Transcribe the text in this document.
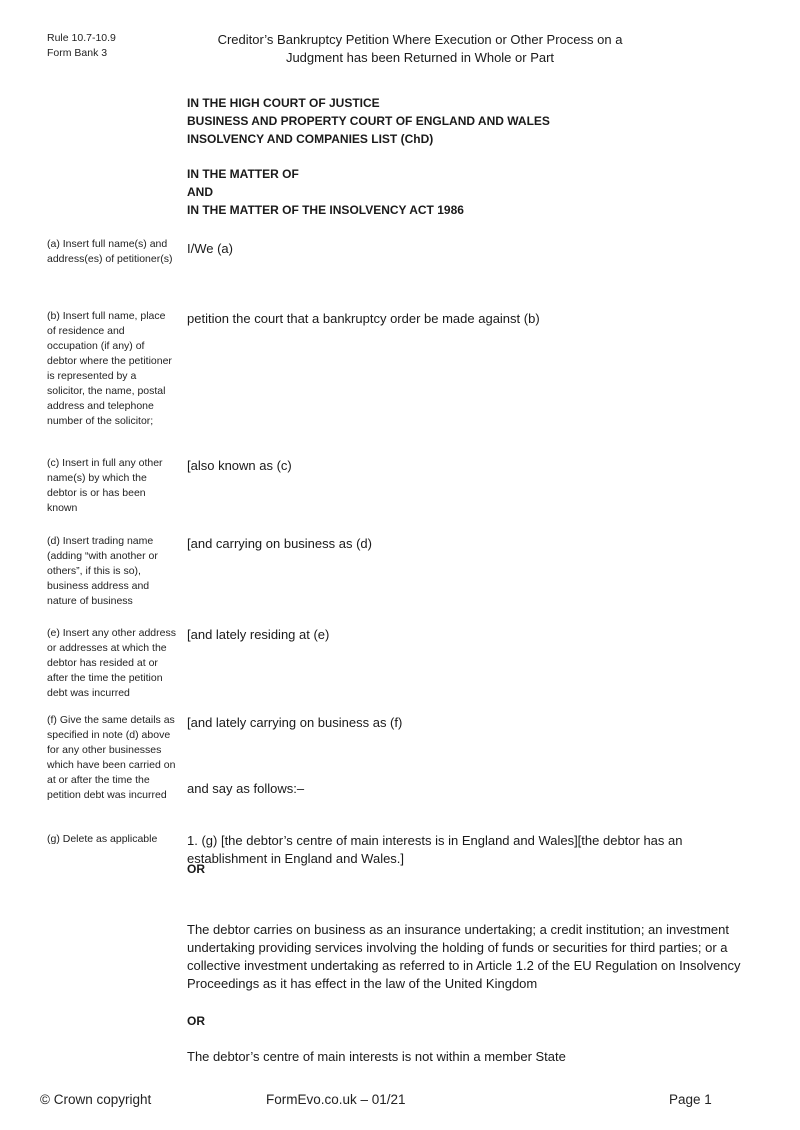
Rule 10.7-10.9
Form Bank 3
Creditor’s Bankruptcy Petition Where Execution or Other Process on a
Judgment has been Returned in Whole or Part
IN THE HIGH COURT OF JUSTICE
BUSINESS AND PROPERTY COURT OF ENGLAND AND WALES
INSOLVENCY AND COMPANIES LIST (ChD)
IN THE MATTER OF
AND
IN THE MATTER OF THE INSOLVENCY ACT 1986
(a) Insert full name(s) and address(es) of petitioner(s)
(b) Insert full name, place of residence and occupation (if any) of debtor where the petitioner is represented by a solicitor, the name, postal address and telephone number of the solicitor;
(c) Insert in full any other name(s) by which the debtor is or has been known
(d) Insert trading name (adding “with another or others”, if this is so), business address and nature of business
(e) Insert any other address or addresses at which the debtor has resided at or after the time the petition debt was incurred
(f) Give the same details as specified in note (d) above for any other businesses which have been carried on at or after the time the petition debt was incurred
(g) Delete as applicable
I/We (a)
petition the court that a bankruptcy order be made against (b)
[also known as (c)
[and carrying on business as (d)
[and lately residing at (e)
[and lately carrying on business as (f)
and say as follows:–
1. (g) [the debtor’s centre of main interests is in England and Wales][the debtor has an establishment in England and Wales.]
OR
The debtor carries on business as an insurance undertaking; a credit institution; an investment undertaking providing services involving the holding of funds or securities for third parties; or a collective investment undertaking as referred to in Article 1.2 of the EU Regulation on Insolvency Proceedings as it has effect in the law of the United Kingdom
OR
The debtor’s centre of main interests is not within a member State
© Crown copyright	FormEvo.co.uk – 01/21	Page 1
